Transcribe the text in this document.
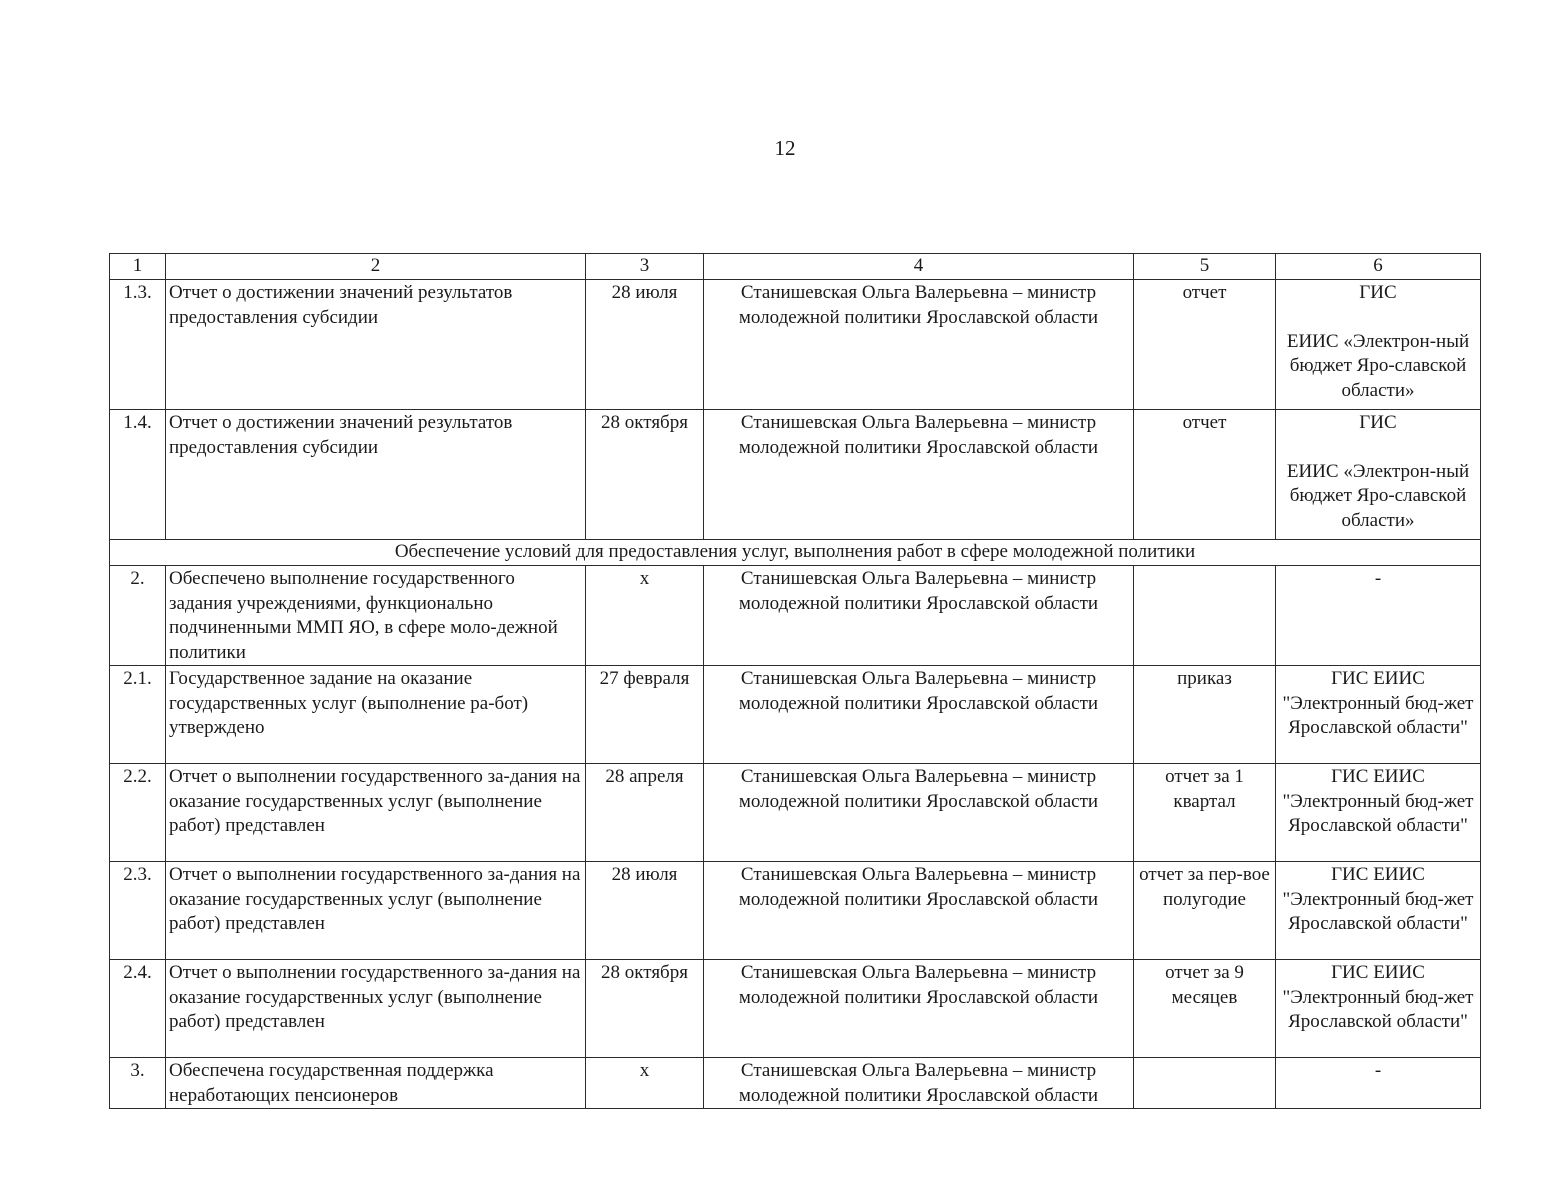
12
1	2	3	4	5	6
1.3.	Отчет о достижении значений результатов предоставления субсидии	28 июля	Станишевская Ольга Валерьевна – министр молодежной политики Ярославской области	отчет	ГИС
ЕИИС «Электрон-ный бюджет Яро-славской области»

1.4.	Отчет о достижении значений результатов предоставления субсидии	28 октября	Станишевская Ольга Валерьевна – министр молодежной политики Ярославской области	отчет	ГИС
ЕИИС «Электрон-ный бюджет Яро-славской области»

Обеспечение условий для предоставления услуг, выполнения работ в сфере молодежной политики					
2.	Обеспечено выполнение государственного задания учреждениями, функционально подчиненными ММП ЯО, в сфере моло-дежной политики	х	Станишевская Ольга Валерьевна – министр молодежной политики Ярославской области		-
2.1.	Государственное задание на оказание государственных услуг (выполнение ра-бот) утверждено	27 февраля	Станишевская Ольга Валерьевна – министр молодежной политики Ярославской области	приказ	ГИС ЕИИС "Электронный бюд-жет Ярославской области"
2.2.	Отчет о выполнении государственного за-дания на оказание государственных услуг (выполнение работ) представлен	28 апреля	Станишевская Ольга Валерьевна – министр молодежной политики Ярославской области	отчет за 1 квартал	ГИС ЕИИС "Электронный бюд-жет Ярославской области"
2.3.	Отчет о выполнении государственного за-дания на оказание государственных услуг (выполнение работ) представлен	28 июля	Станишевская Ольга Валерьевна – министр молодежной политики Ярославской области	отчет за пер-вое полугодие	ГИС ЕИИС "Электронный бюд-жет Ярославской области"
2.4.	Отчет о выполнении государственного за-дания на оказание государственных услуг (выполнение работ) представлен	28 октября	Станишевская Ольга Валерьевна – министр молодежной политики Ярославской области	отчет за 9 месяцев	ГИС ЕИИС "Электронный бюд-жет Ярославской области"
3.	Обеспечена государственная поддержка неработающих пенсионеров	х	Станишевская Ольга Валерьевна – министр молодежной политики Ярославской области		-
